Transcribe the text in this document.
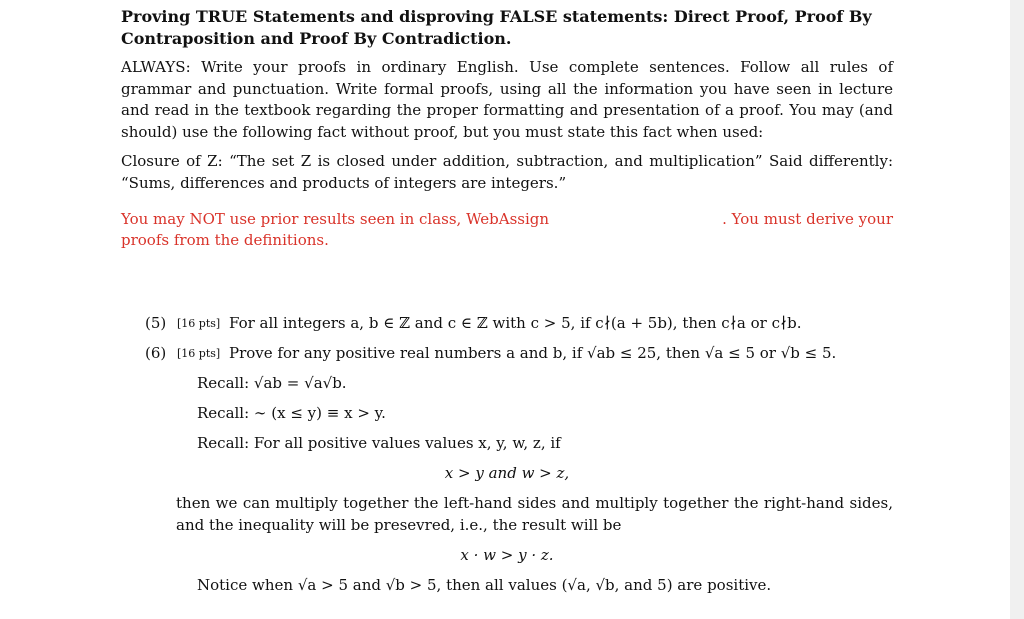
Proving TRUE Statements and disproving FALSE statements: Direct Proof, Proof By Contraposition and Proof By Contradiction.

ALWAYS: Write your proofs in ordinary English. Use complete sentences. Follow all rules of grammar and punctuation. Write formal proofs, using all the information you have seen in lecture and read in the textbook regarding the proper formatting and presentation of a proof. You may (and should) use the following fact without proof, but you must state this fact when used:

Closure of Z: “The set Z is closed under addition, subtraction, and multiplication” Said differently: “Sums, differences and products of integers are integers.”

You may NOT use prior results seen in class, WebAssign	. You must derive your
proofs from the definitions.
(5) [16 pts] For all integers a, b ∈ ℤ and c ∈ ℤ with c > 5, if c∤(a + 5b), then c∤a or c∤b.
(6) [16 pts] Prove for any positive real numbers a and b, if √ab ≤ 25, then √a ≤ 5 or √b ≤ 5.
Recall: √ab = √a√b.
Recall: ∼ (x ≤ y) ≡ x > y.
Recall: For all positive values values x, y, w, z, if
x > y and w > z,
then we can multiply together the left-hand sides and multiply together the right-hand sides, and the inequality will be presevred, i.e., the result will be
x · w > y · z.
Notice when √a > 5 and √b > 5, then all values (√a, √b, and 5) are positive.
